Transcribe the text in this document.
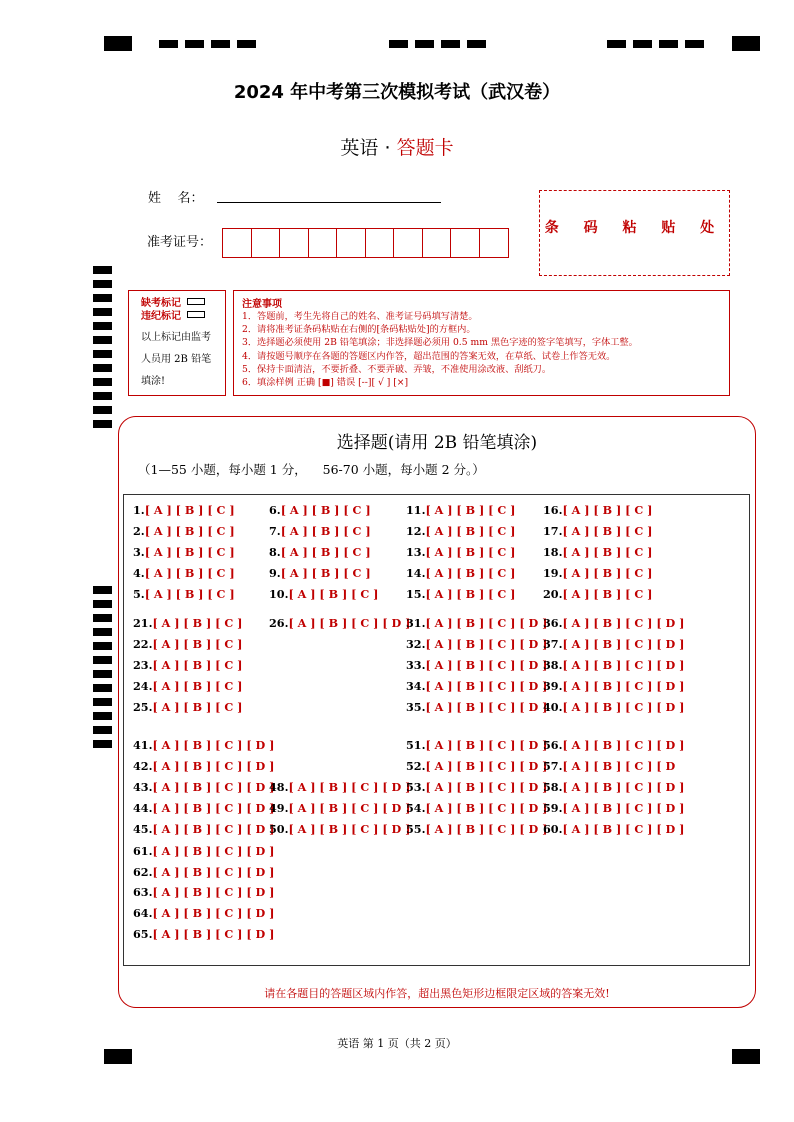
2024 年中考第三次模拟考试（武汉卷）
英语 · 答题卡
姓    名：
准考证号：
条 码 粘 贴 处
缺考标记
违纪标记
以上标记由监考人员用 2B 铅笔填涂!
注意事项
1．答题前，考生先将自己的姓名、准考证号码填写清楚。
2．请将准考证条码粘贴在右侧的[条码粘贴处]的方框内。
3．选择题必须使用 2B 铅笔填涂；非选择题必须用 0.5 mm 黑色字迹的签字笔填写，字体工整。
4．请按题号顺序在各题的答题区内作答，超出范围的答案无效，在草纸、试卷上作答无效。
5．保持卡面清洁，不要折叠、不要弄破、弄皱，不准使用涂改液、刮纸刀。
6．填涂样例 正确 [■] 错误 [--][ √ ] [×]
选择题(请用 2B 铅笔填涂)
（1—55 小题，每小题 1 分，    56-70 小题，每小题 2 分。）
1.[ A ] [ B ] [ C ]
2.[ A ] [ B ] [ C ]
3.[ A ] [ B ] [ C ]
4.[ A ] [ B ] [ C ]
5.[ A ] [ B ] [ C ]
6.[ A ] [ B ] [ C ]
7.[ A ] [ B ] [ C ]
8.[ A ] [ B ] [ C ]
9.[ A ] [ B ] [ C ]
10.[ A ] [ B ] [ C ]
11.[ A ] [ B ] [ C ]
12.[ A ] [ B ] [ C ]
13.[ A ] [ B ] [ C ]
14.[ A ] [ B ] [ C ]
15.[ A ] [ B ] [ C ]
16.[ A ] [ B ] [ C ]
17.[ A ] [ B ] [ C ]
18.[ A ] [ B ] [ C ]
19.[ A ] [ B ] [ C ]
20.[ A ] [ B ] [ C ]
21.[ A ] [ B ] [ C ]
22.[ A ] [ B ] [ C ]
23.[ A ] [ B ] [ C ]
24.[ A ] [ B ] [ C ]
25.[ A ] [ B ] [ C ]
26.[ A ] [ B ] [ C ] [ D ]
31.[ A ] [ B ] [ C ] [ D ]
32.[ A ] [ B ] [ C ] [ D ]
33.[ A ] [ B ] [ C ] [ D ]
34.[ A ] [ B ] [ C ] [ D ]
35.[ A ] [ B ] [ C ] [ D ]
36.[ A ] [ B ] [ C ] [ D ]
37.[ A ] [ B ] [ C ] [ D ]
38.[ A ] [ B ] [ C ] [ D ]
39.[ A ] [ B ] [ C ] [ D ]
40.[ A ] [ B ] [ C ] [ D ]
41.[ A ] [ B ] [ C ] [ D ]
42.[ A ] [ B ] [ C ] [ D ]
43.[ A ] [ B ] [ C ] [ D ]
44.[ A ] [ B ] [ C ] [ D ]
45.[ A ] [ B ] [ C ] [ D ]
48.[ A ] [ B ] [ C ] [ D ]
49.[ A ] [ B ] [ C ] [ D ]
50.[ A ] [ B ] [ C ] [ D ]
51.[ A ] [ B ] [ C ] [ D ]
52.[ A ] [ B ] [ C ] [ D ]
53.[ A ] [ B ] [ C ] [ D ]
54.[ A ] [ B ] [ C ] [ D ]
55.[ A ] [ B ] [ C ] [ D ]
56.[ A ] [ B ] [ C ] [ D ]
57.[ A ] [ B ] [ C ] [ D
58.[ A ] [ B ] [ C ] [ D ]
59.[ A ] [ B ] [ C ] [ D ]
60.[ A ] [ B ] [ C ] [ D ]
61.[ A ] [ B ] [ C ] [ D ]
62.[ A ] [ B ] [ C ] [ D ]
63.[ A ] [ B ] [ C ] [ D ]
64.[ A ] [ B ] [ C ] [ D ]
65.[ A ] [ B ] [ C ] [ D ]
请在各题目的答题区域内作答，超出黑色矩形边框限定区域的答案无效!
英语 第 1 页（共 2 页）
